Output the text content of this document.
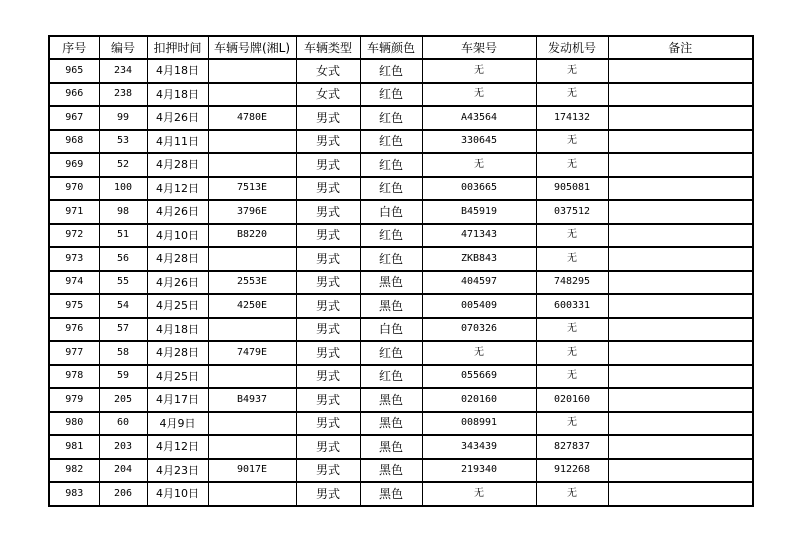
序号	编号	扣押时间	车辆号牌(湘L)	车辆类型	车辆颜色	车架号	发动机号	备注
965	234	4月18日		女式	红色	无	无	
966	238	4月18日		女式	红色	无	无	
967	99	4月26日	4780E	男式	红色	A43564	174132	
968	53	4月11日		男式	红色	330645	无	
969	52	4月28日		男式	红色	无	无	
970	100	4月12日	7513E	男式	红色	003665	905081	
971	98	4月26日	3796E	男式	白色	B45919	037512	
972	51	4月10日	B8220	男式	红色	471343	无	
973	56	4月28日		男式	红色	ZKB843	无	
974	55	4月26日	2553E	男式	黑色	404597	748295	
975	54	4月25日	4250E	男式	黑色	005409	600331	
976	57	4月18日		男式	白色	070326	无	
977	58	4月28日	7479E	男式	红色	无	无	
978	59	4月25日		男式	红色	055669	无	
979	205	4月17日	B4937	男式	黑色	020160	020160	
980	60	4月9日		男式	黑色	008991	无	
981	203	4月12日		男式	黑色	343439	827837	
982	204	4月23日	9017E	男式	黑色	219340	912268	
983	206	4月10日		男式	黑色	无	无	
